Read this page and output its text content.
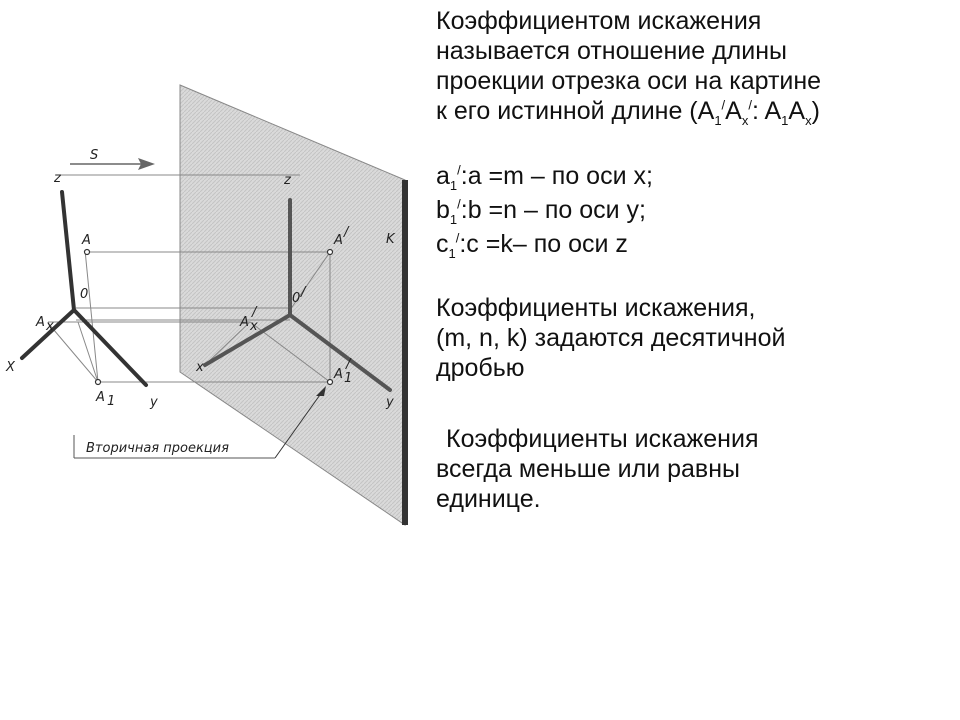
S
z
A
0
A x
X
A 1	y
z
A
/	K
0 /
A x
/
x	A 1
/
y
Вторичная проекция

Коэффициентом искажения
называется отношение длины
проекции отрезка оси на картине
к его истинной длине ($A_1^/A_x^/$: $A_1A_x$)

$a_1^/:a =m$ – по оси x;

$b_1^/:b =n$ – по оси y;

$c_1^/:c =k-$ по оси z

Коэффициенты искажения,
(m, n, k) задаются десятичной
дробью

Коэффициенты искажения
всегда меньше или равны
единице.
